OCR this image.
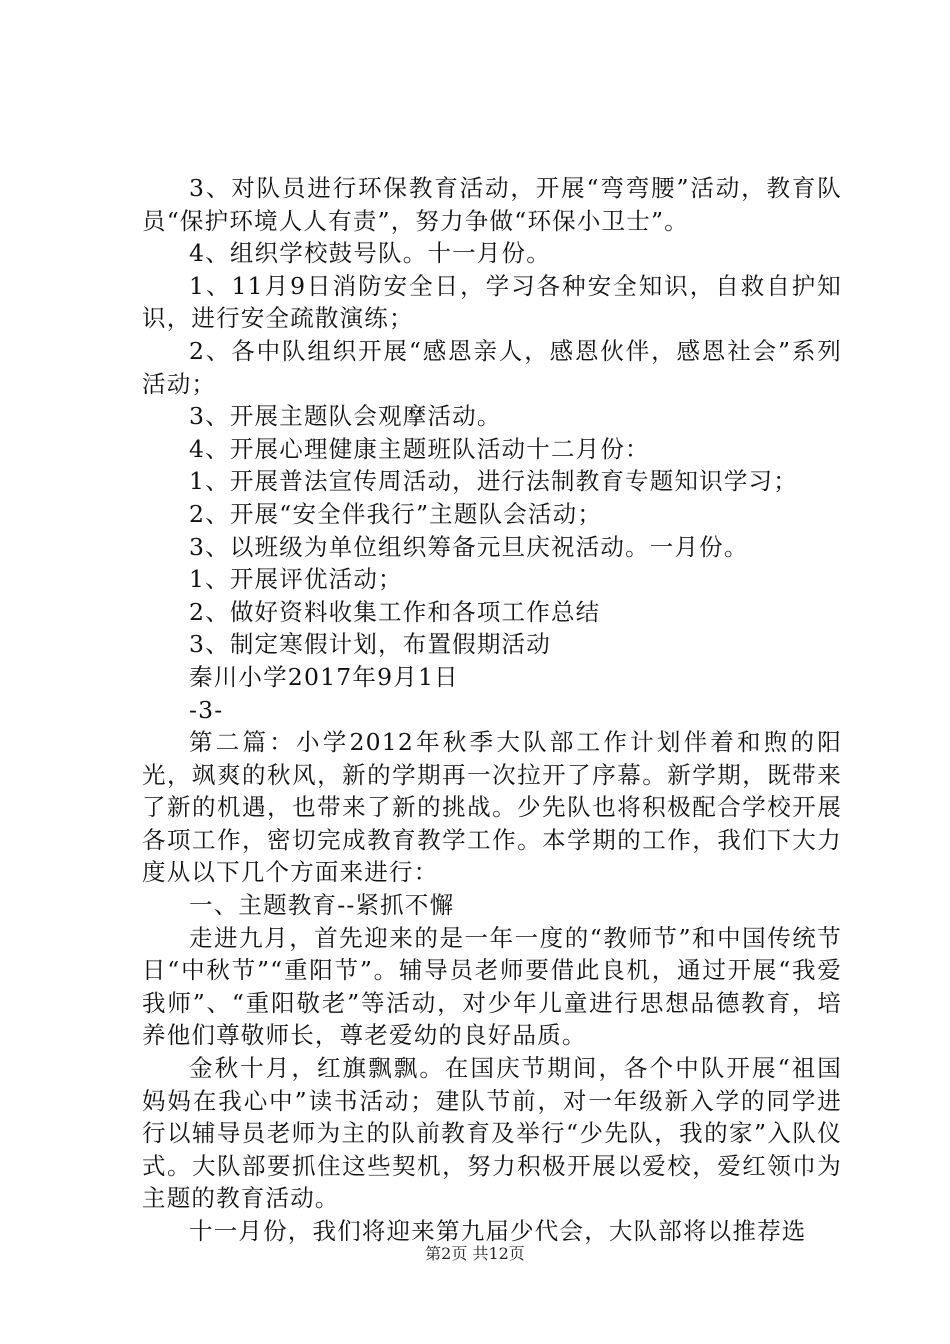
3、对队员进行环保教育活动，开展“弯弯腰”活动，教育队员“保护环境人人有责”，努力争做“环保小卫士”。

4、组织学校鼓号队。十一月份。

1、11月9日消防安全日，学习各种安全知识，自救自护知识，进行安全疏散演练；

2、各中队组织开展“感恩亲人，感恩伙伴，感恩社会”系列活动；

3、开展主题队会观摩活动。

4、开展心理健康主题班队活动十二月份：

1、开展普法宣传周活动，进行法制教育专题知识学习；

2、开展“安全伴我行”主题队会活动；

3、以班级为单位组织筹备元旦庆祝活动。一月份。

1、开展评优活动；

2、做好资料收集工作和各项工作总结

3、制定寒假计划，布置假期活动

秦川小学2017年9月1日

-3-

第二篇：小学2012年秋季大队部工作计划伴着和煦的阳光，飒爽的秋风，新的学期再一次拉开了序幕。新学期，既带来了新的机遇，也带来了新的挑战。少先队也将积极配合学校开展各项工作，密切完成教育教学工作。本学期的工作，我们下大力度从以下几个方面来进行：

一、主题教育--紧抓不懈

走进九月，首先迎来的是一年一度的“教师节”和中国传统节日“中秋节”“重阳节”。辅导员老师要借此良机，通过开展“我爱我师”、“重阳敬老”等活动，对少年儿童进行思想品德教育，培养他们尊敬师长，尊老爱幼的良好品质。

金秋十月，红旗飘飘。在国庆节期间，各个中队开展“祖国妈妈在我心中”读书活动；建队节前，对一年级新入学的同学进行以辅导员老师为主的队前教育及举行“少先队，我的家”入队仪式。大队部要抓住这些契机，努力积极开展以爱校，爱红领巾为主题的教育活动。

十一月份，我们将迎来第九届少代会，大队部将以推荐选

第2页 共12页
